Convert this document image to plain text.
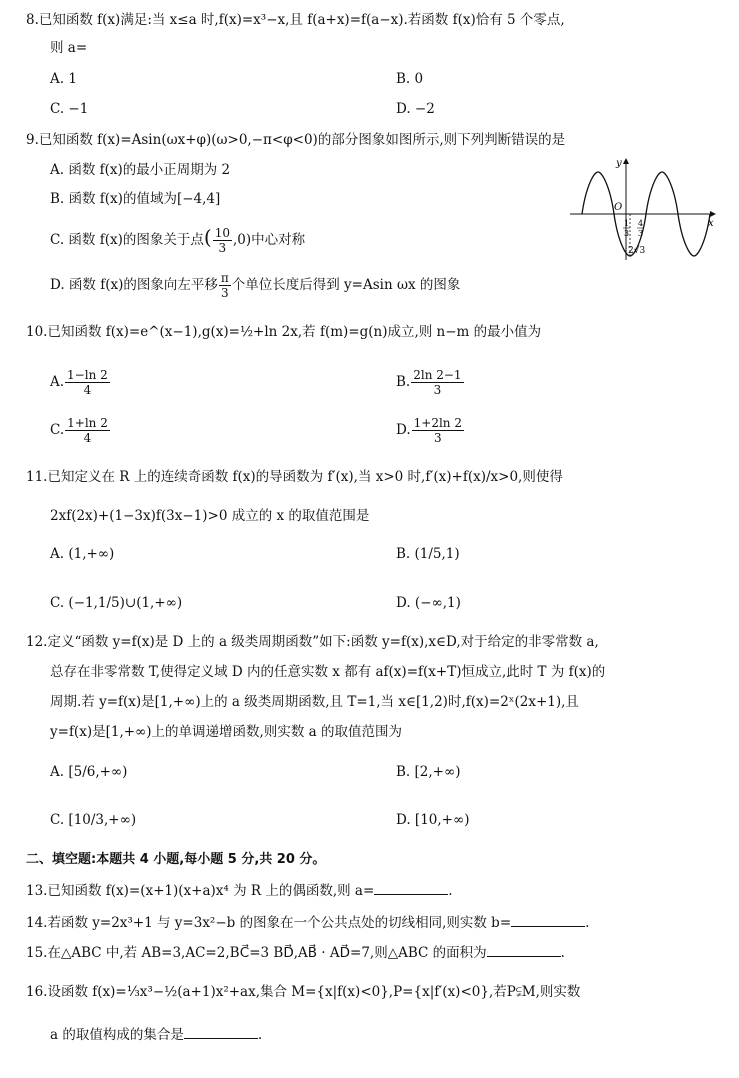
8.已知函数 f(x)满足:当 x≤a 时,f(x)=x³−x,且 f(a+x)=f(a−x).若函数 f(x)恰有 5 个零点,
则 a=
A. 1	B. 0
C. −1	D. −2
9.已知函数 f(x)=Asin(ωx+φ)(ω>0,−π<φ<0)的部分图象如图所示,则下列判断错误的是
A. 函数 f(x)的最小正周期为 2
B. 函数 f(x)的值域为[−4,4]
C. 函数 f(x)的图象关于点( $\frac{10}{3} ,0$)中心对称
D. 函数 f(x)的图象向左平移 $\frac{\pi}{3}$ 个单位长度后得到 y=Asin ωx 的图象
y
x
O
1
3
4
3
2√3
10.已知函数 f(x)=e^(x−1),g(x)=½+ln 2x,若 f(m)=g(n)成立,则 n−m 的最小值为
A. $\frac{1-\ln 2}{4}$	B. $\frac{2\ln 2-1}{3}$
C. $\frac{1+\ln 2}{4}$	D. $\frac{1+2\ln 2}{3}$
11.已知定义在 R 上的连续奇函数 f(x)的导函数为 f′(x),当 x>0 时,f′(x)+f(x)/x>0,则使得
2xf(2x)+(1−3x)f(3x−1)>0 成立的 x 的取值范围是
A. (1,+∞)	B. (1/5,1)
C. (−1,1/5)∪(1,+∞)	D. (−∞,1)
12.定义“函数 y=f(x)是 D 上的 a 级类周期函数”如下:函数 y=f(x),x∈D,对于给定的非零常数 a,
总存在非零常数 T,使得定义域 D 内的任意实数 x 都有 af(x)=f(x+T)恒成立,此时 T 为 f(x)的
周期.若 y=f(x)是[1,+∞)上的 a 级类周期函数,且 T=1,当 x∈[1,2)时,f(x)=2ˣ(2x+1),且
y=f(x)是[1,+∞)上的单调递增函数,则实数 a 的取值范围为
A. [5/6,+∞)	B. [2,+∞)
C. [10/3,+∞)	D. [10,+∞)
二、填空题:本题共 4 小题,每小题 5 分,共 20 分。
13.已知函数 f(x)=(x+1)(x+a)x⁴ 为 R 上的偶函数,则 a=	.
14.若函数 y=2x³+1 与 y=3x²−b 的图象在一个公共点处的切线相同,则实数 b=	.
15.在△ABC 中,若 AB=3,AC=2,BC⃗=3 BD⃗,AB⃗ · AD⃗=7,则△ABC 的面积为	.
16.设函数 f(x)=⅓x³−½(a+1)x²+ax,集合 M={x|f(x)<0},P={x|f′(x)<0},若P⫋M,则实数
a 的取值构成的集合是	.
